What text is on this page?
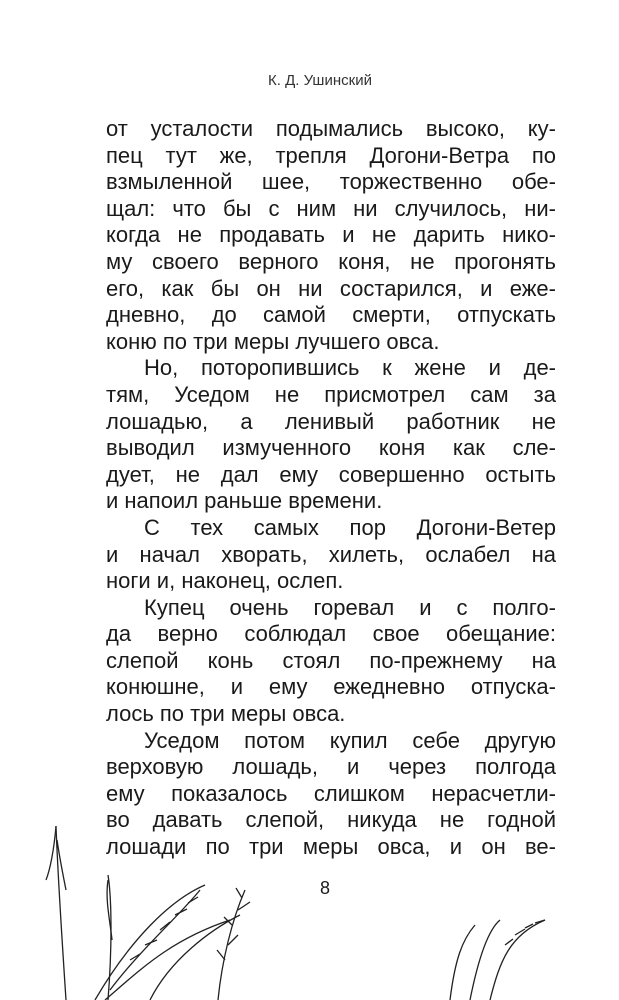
К. Д. Ушинский
от усталости подымались высоко, ку-
пец тут же, трепля Догони-Ветра по
взмыленной шее, торжественно обе-
щал: что бы с ним ни случилось, ни-
когда не продавать и не дарить нико-
му своего верного коня, не прогонять
его, как бы он ни состарился, и еже-
дневно, до самой смерти, отпускать
коню по три меры лучшего овса.
Но, поторопившись к жене и де-
тям, Уседом не присмотрел сам за
лошадью, а ленивый работник не
выводил измученного коня как сле-
дует, не дал ему совершенно остыть
и напоил раньше времени.
С тех самых пор Догони-Ветер
и начал хворать, хилеть, ослабел на
ноги и, наконец, ослеп.
Купец очень горевал и с полго-
да верно соблюдал свое обещание:
слепой конь стоял по-прежнему на
конюшне, и ему ежедневно отпуска-
лось по три меры овса.
Уседом потом купил себе другую
верховую лошадь, и через полгода
ему показалось слишком нерасчетли-
во давать слепой, никуда не годной
лошади по три меры овса, и он ве-
8
